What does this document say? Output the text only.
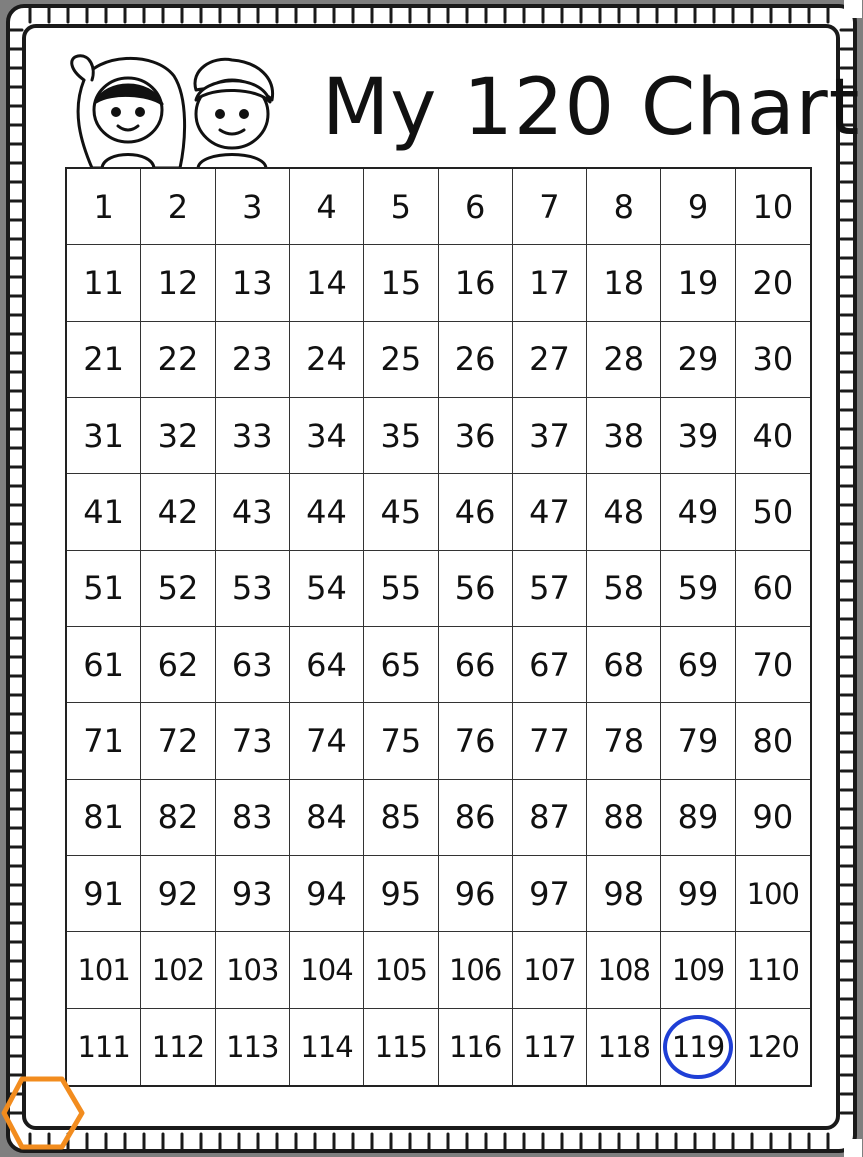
My 120 Chart
1 2 3 4 5 6 7 8 9 10
11 12 13 14 15 16 17 18 19 20
21 22 23 24 25 26 27 28 29 30
31 32 33 34 35 36 37 38 39 40
41 42 43 44 45 46 47 48 49 50
51 52 53 54 55 56 57 58 59 60
61 62 63 64 65 66 67 68 69 70
71 72 73 74 75 76 77 78 79 80
81 82 83 84 85 86 87 88 89 90
91 92 93 94 95 96 97 98 99 100
101 102 103 104 105 106 107 108 109 110
111 112 113 114 115 116 117 118 119 120
